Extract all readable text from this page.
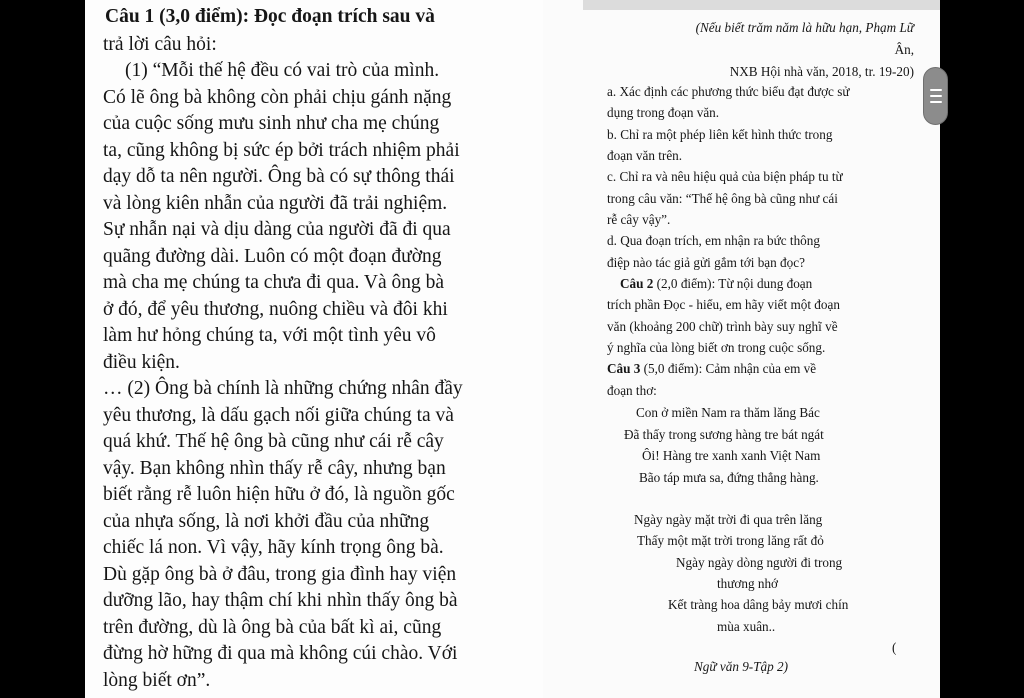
Câu 1 (3,0 điểm): Đọc đoạn trích sau và
trả lời câu hỏi:
(1) “Mỗi thế hệ đều có vai trò của mình.
Có lẽ ông bà không còn phải chịu gánh nặng
của cuộc sống mưu sinh như cha mẹ chúng
ta, cũng không bị sức ép bởi trách nhiệm phải
dạy dỗ ta nên người. Ông bà có sự thông thái
và lòng kiên nhẫn của người đã trải nghiệm.
Sự nhẫn nại và dịu dàng của người đã đi qua
quãng đường dài. Luôn có một đoạn đường
mà cha mẹ chúng ta chưa đi qua. Và ông bà
ở đó, để yêu thương, nuông chiều và đôi khi
làm hư hỏng chúng ta, với một tình yêu vô
điều kiện.
… (2) Ông bà chính là những chứng nhân đầy
yêu thương, là dấu gạch nối giữa chúng ta và
quá khứ. Thế hệ ông bà cũng như cái rễ cây
vậy. Bạn không nhìn thấy rễ cây, nhưng bạn
biết rằng rễ luôn hiện hữu ở đó, là nguồn gốc
của nhựa sống, là nơi khởi đầu của những
chiếc lá non. Vì vậy, hãy kính trọng ông bà.
Dù gặp ông bà ở đâu, trong gia đình hay viện
dưỡng lão, hay thậm chí khi nhìn thấy ông bà
trên đường, dù là ông bà của bất kì ai, cũng
đừng hờ hững đi qua mà không cúi chào. Với
lòng biết ơn”.
(Nếu biết trăm năm là hữu hạn, Phạm Lữ
Ân,
NXB Hội nhà văn, 2018, tr. 19-20)
a. Xác định các phương thức biểu đạt được sử
dụng trong đoạn văn.
b. Chỉ ra một phép liên kết hình thức trong
đoạn văn trên.
c. Chỉ ra và nêu hiệu quả của biện pháp tu từ
trong câu văn: “Thế hệ ông bà cũng như cái
rễ cây vậy”.
d. Qua đoạn trích, em nhận ra bức thông
điệp nào tác giả gửi gắm tới bạn đọc?
Câu 2 (2,0 điểm): Từ nội dung đoạn
trích phần Đọc - hiểu, em hãy viết một đoạn
văn (khoảng 200 chữ) trình bày suy nghĩ về
ý nghĩa của lòng biết ơn trong cuộc sống.
Câu 3 (5,0 điểm): Cảm nhận của em về
đoạn thơ:
Con ở miền Nam ra thăm lăng Bác
Đã thấy trong sương hàng tre bát ngát
Ôi! Hàng tre xanh xanh Việt Nam
Bão táp mưa sa, đứng thẳng hàng.
Ngày ngày mặt trời đi qua trên lăng
Thấy một mặt trời trong lăng rất đỏ
Ngày ngày dòng người đi trong
thương nhớ
Kết tràng hoa dâng bảy mươi chín
mùa xuân..
(
Ngữ văn 9-Tập 2)
